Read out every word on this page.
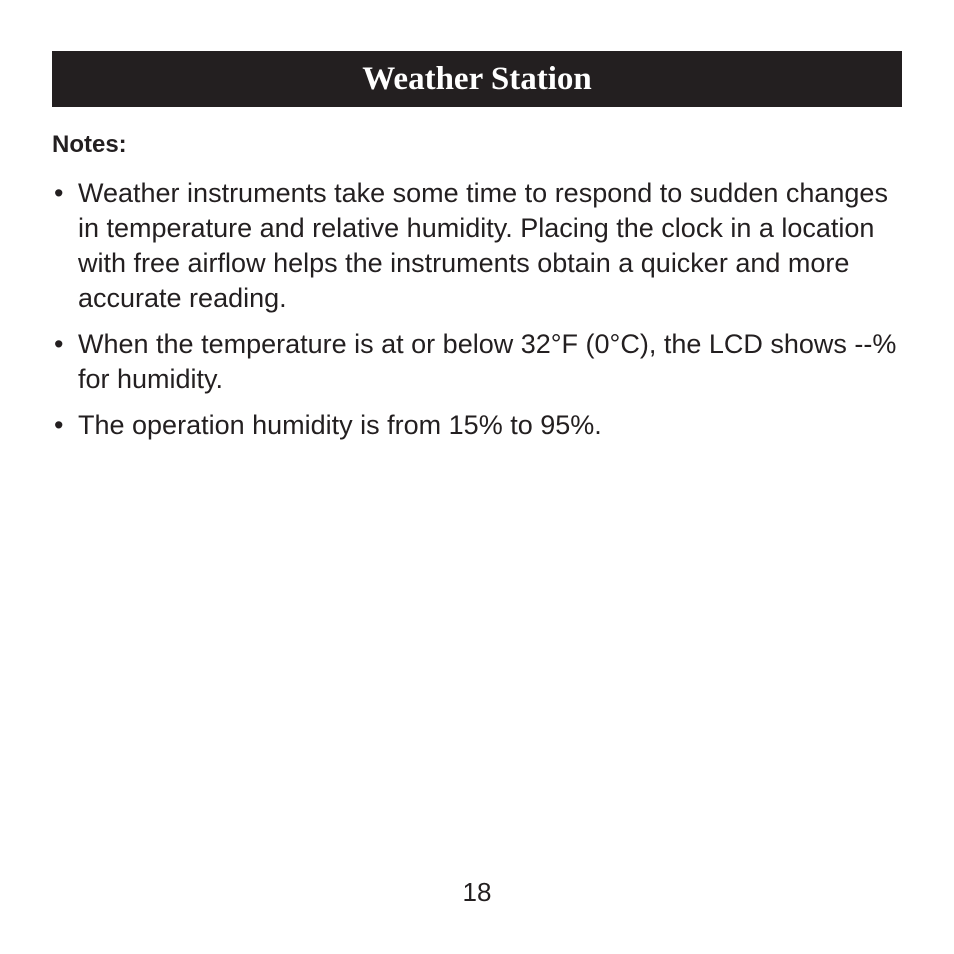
Weather Station

Notes:

• Weather instruments take some time to respond to sudden changes in temperature and relative humidity. Placing the clock in a location with free airflow helps the instruments obtain a quicker and more accurate reading.
• When the temperature is at or below 32°F (0°C), the LCD shows --% for humidity.
• The operation humidity is from 15% to 95%.
18
